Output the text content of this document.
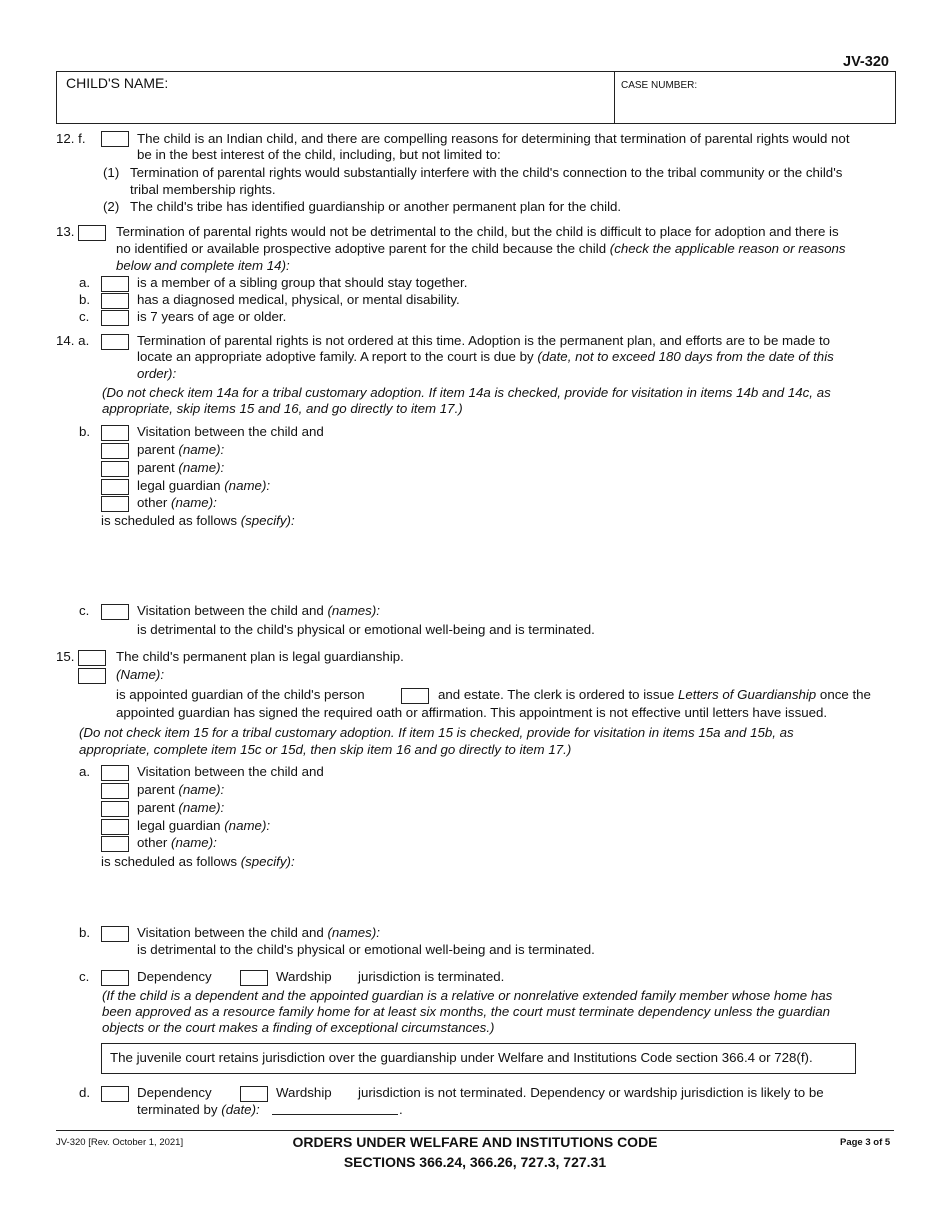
JV-320
CHILD'S NAME:	CASE NUMBER:
12. f.	The child is an Indian child, and there are compelling reasons for determining that termination of parental rights would not
be in the best interest of the child, including, but not limited to:
(1) Termination of parental rights would substantially interfere with the child's connection to the tribal community or the child's
tribal membership rights.
(2) The child's tribe has identified guardianship or another permanent plan for the child.
13.	Termination of parental rights would not be detrimental to the child, but the child is difficult to place for adoption and there is
no identified or available prospective adoptive parent for the child because the child (check the applicable reason or reasons
below and complete item 14):
a.	is a member of a sibling group that should stay together.
b.	has a diagnosed medical, physical, or mental disability.
c.	is 7 years of age or older.
14. a.	Termination of parental rights is not ordered at this time. Adoption is the permanent plan, and efforts are to be made to
locate an appropriate adoptive family. A report to the court is due by (date, not to exceed 180 days from the date of this
order):
(Do not check item 14a for a tribal customary adoption. If item 14a is checked, provide for visitation in items 14b and 14c, as
appropriate, skip items 15 and 16, and go directly to item 17.)
b.	Visitation between the child and
parent (name):
parent (name):
legal guardian (name):
other (name):
is scheduled as follows (specify):
c.	Visitation between the child and (names):
is detrimental to the child's physical or emotional well-being and is terminated.
15.	The child's permanent plan is legal guardianship.
(Name):
is appointed guardian of the child's person	and estate. The clerk is ordered to issue Letters of Guardianship once the
appointed guardian has signed the required oath or affirmation. This appointment is not effective until letters have issued.
(Do not check item 15 for a tribal customary adoption. If item 15 is checked, provide for visitation in items 15a and 15b, as
appropriate, complete item 15c or 15d, then skip item 16 and go directly to item 17.)
a.	Visitation between the child and
parent (name):
parent (name):
legal guardian (name):
other (name):
is scheduled as follows (specify):
b.	Visitation between the child and (names):
is detrimental to the child's physical or emotional well-being and is terminated.
c.	Dependency	Wardship jurisdiction is terminated.
(If the child is a dependent and the appointed guardian is a relative or nonrelative extended family member whose home has
been approved as a resource family home for at least six months, the court must terminate dependency unless the guardian
objects or the court makes a finding of exceptional circumstances.)
The juvenile court retains jurisdiction over the guardianship under Welfare and Institutions Code section 366.4 or 728(f).
d.	Dependency	Wardship jurisdiction is not terminated. Dependency or wardship jurisdiction is likely to be
terminated by (date):	.
JV-320 [Rev. October 1, 2021]	ORDERS UNDER WELFARE AND INSTITUTIONS CODE
SECTIONS 366.24, 366.26, 727.3, 727.31
Page 3 of 5
